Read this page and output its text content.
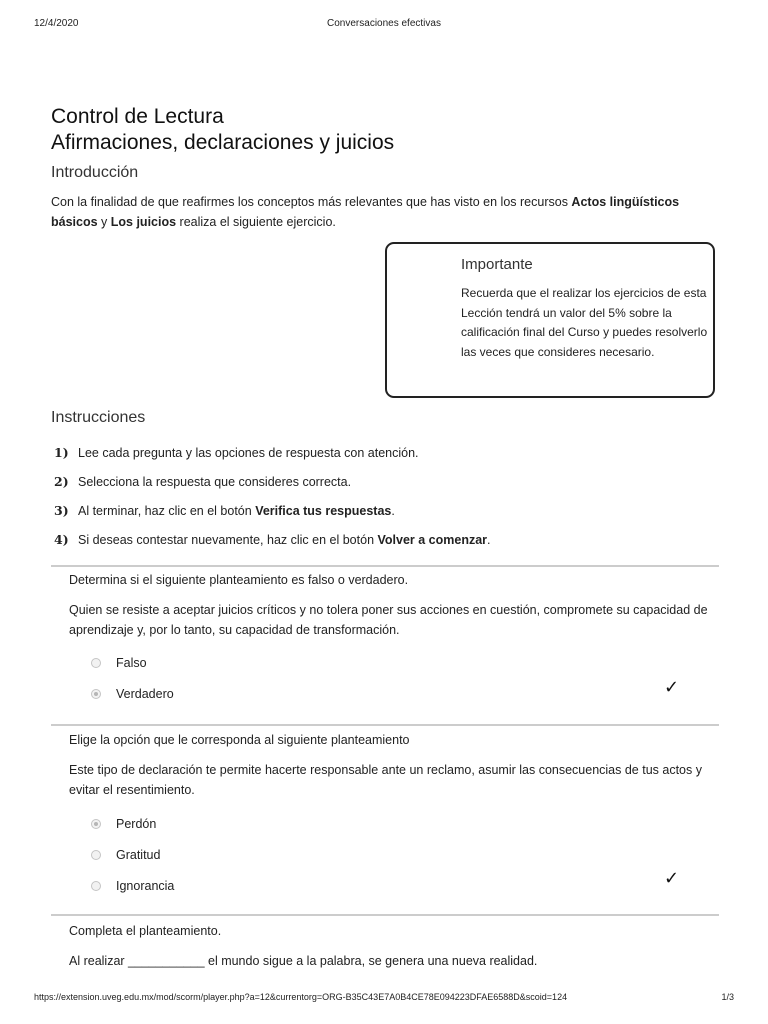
12/4/2020	Conversaciones efectivas
Control de Lectura
Afirmaciones, declaraciones y juicios
Introducción

Con la finalidad de que reafirmes los conceptos más relevantes que has visto en los recursos Actos lingüísticos básicos y Los juicios realiza el siguiente ejercicio.

Importante

Recuerda que el realizar los ejercicios de esta Lección tendrá un valor del 5% sobre la calificación final del Curso y puedes resolverlo las veces que consideres necesario.

Instrucciones
1) Lee cada pregunta y las opciones de respuesta con atención.
2) Selecciona la respuesta que consideres correcta.
3) Al terminar, haz clic en el botón Verifica tus respuestas.
4) Si deseas contestar nuevamente, haz clic en el botón Volver a comenzar.

Determina si el siguiente planteamiento es falso o verdadero.

Quien se resiste a aceptar juicios críticos y no tolera poner sus acciones en cuestión, compromete su capacidad de aprendizaje y, por lo tanto, su capacidad de transformación.

Falso
Verdadero	✓

Elige la opción que le corresponda al siguiente planteamiento

Este tipo de declaración te permite hacerte responsable ante un reclamo, asumir las consecuencias de tus actos y evitar el resentimiento.

Perdón
Gratitud
Ignorancia	✓

Completa el planteamiento.

Al realizar ___________ el mundo sigue a la palabra, se genera una nueva realidad.

https://extension.uveg.edu.mx/mod/scorm/player.php?a=12&currentorg=ORG-B35C43E7A0B4CE78E094223DFAE6588D&scoid=124	1/3
